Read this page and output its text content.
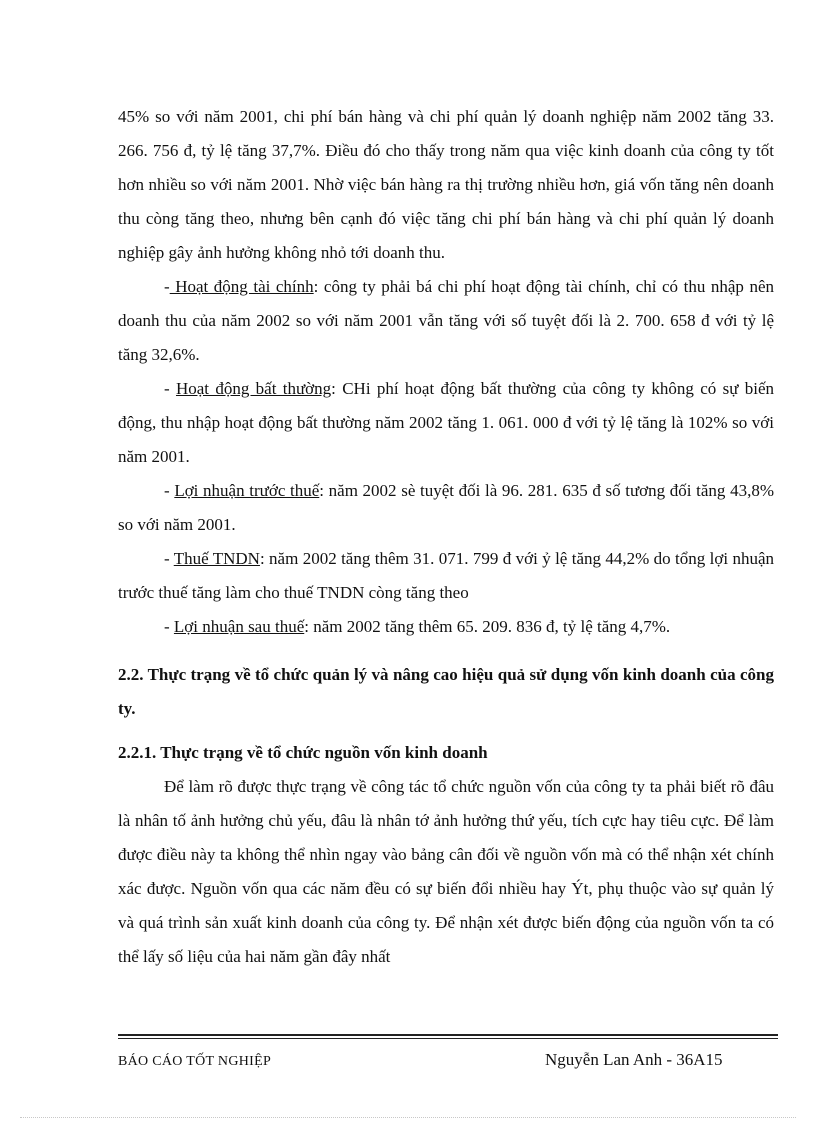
45% so với năm 2001, chi phí bán hàng và chi phí quản lý doanh nghiệp năm 2002 tăng 33. 266. 756 đ, tỷ lệ tăng 37,7%. Điều đó cho thấy trong năm qua việc kinh doanh của công ty tốt hơn nhiều so với năm 2001. Nhờ việc bán hàng ra thị trường nhiều hơn, giá vốn tăng nên doanh thu còng tăng theo, nhưng bên cạnh đó việc tăng chi phí bán hàng và chi phí quản lý doanh nghiệp gây ảnh hưởng không nhỏ tới doanh thu.

- Hoạt động tài chính: công ty phải bá chi phí hoạt động tài chính, chỉ có thu nhập nên doanh thu của năm 2002 so với năm 2001 vẫn tăng với số tuyệt đối là 2. 700. 658 đ với tỷ lệ tăng 32,6%.

- Hoạt động bất thường: CHi phí hoạt động bất thường của công ty không có sự biến động, thu nhập hoạt động bất thường năm 2002 tăng 1. 061. 000 đ với tỷ lệ tăng là 102% so với năm 2001.

- Lợi nhuận trước thuế: năm 2002 sè tuyệt đối là 96. 281. 635 đ số tương đối tăng 43,8% so với năm 2001.

- Thuế TNDN: năm 2002 tăng thêm 31. 071. 799 đ với ỷ lệ tăng 44,2% do tổng lợi nhuận trước thuế tăng làm cho thuế TNDN còng tăng theo

- Lợi nhuận sau thuế: năm 2002 tăng thêm 65. 209. 836 đ, tỷ lệ tăng 4,7%.

2.2. Thực trạng về tổ chức quản lý và nâng cao hiệu quả sử dụng vốn kinh doanh của công ty.
2.2.1. Thực trạng về tổ chức nguồn vốn kinh doanh

Để làm rõ được thực trạng về công tác tổ chức nguồn vốn của công ty ta phải biết rõ đâu là nhân tố ảnh hưởng chủ yếu, đâu là nhân tớ ảnh hưởng thứ yếu, tích cực hay tiêu cực. Để làm được điều này ta không thể nhìn ngay vào bảng cân đối về nguồn vốn mà có thể nhận xét chính xác được. Nguồn vốn qua các năm đều có sự biến đổi nhiều hay Ýt, phụ thuộc vào sự quản lý và quá trình sản xuất kinh doanh của công ty. Để nhận xét được biến động của nguồn vốn ta có thể lấy số liệu của hai năm gần đây nhất

BÁO CÁO TỐT NGHIỆP	Nguyễn Lan Anh - 36A15
